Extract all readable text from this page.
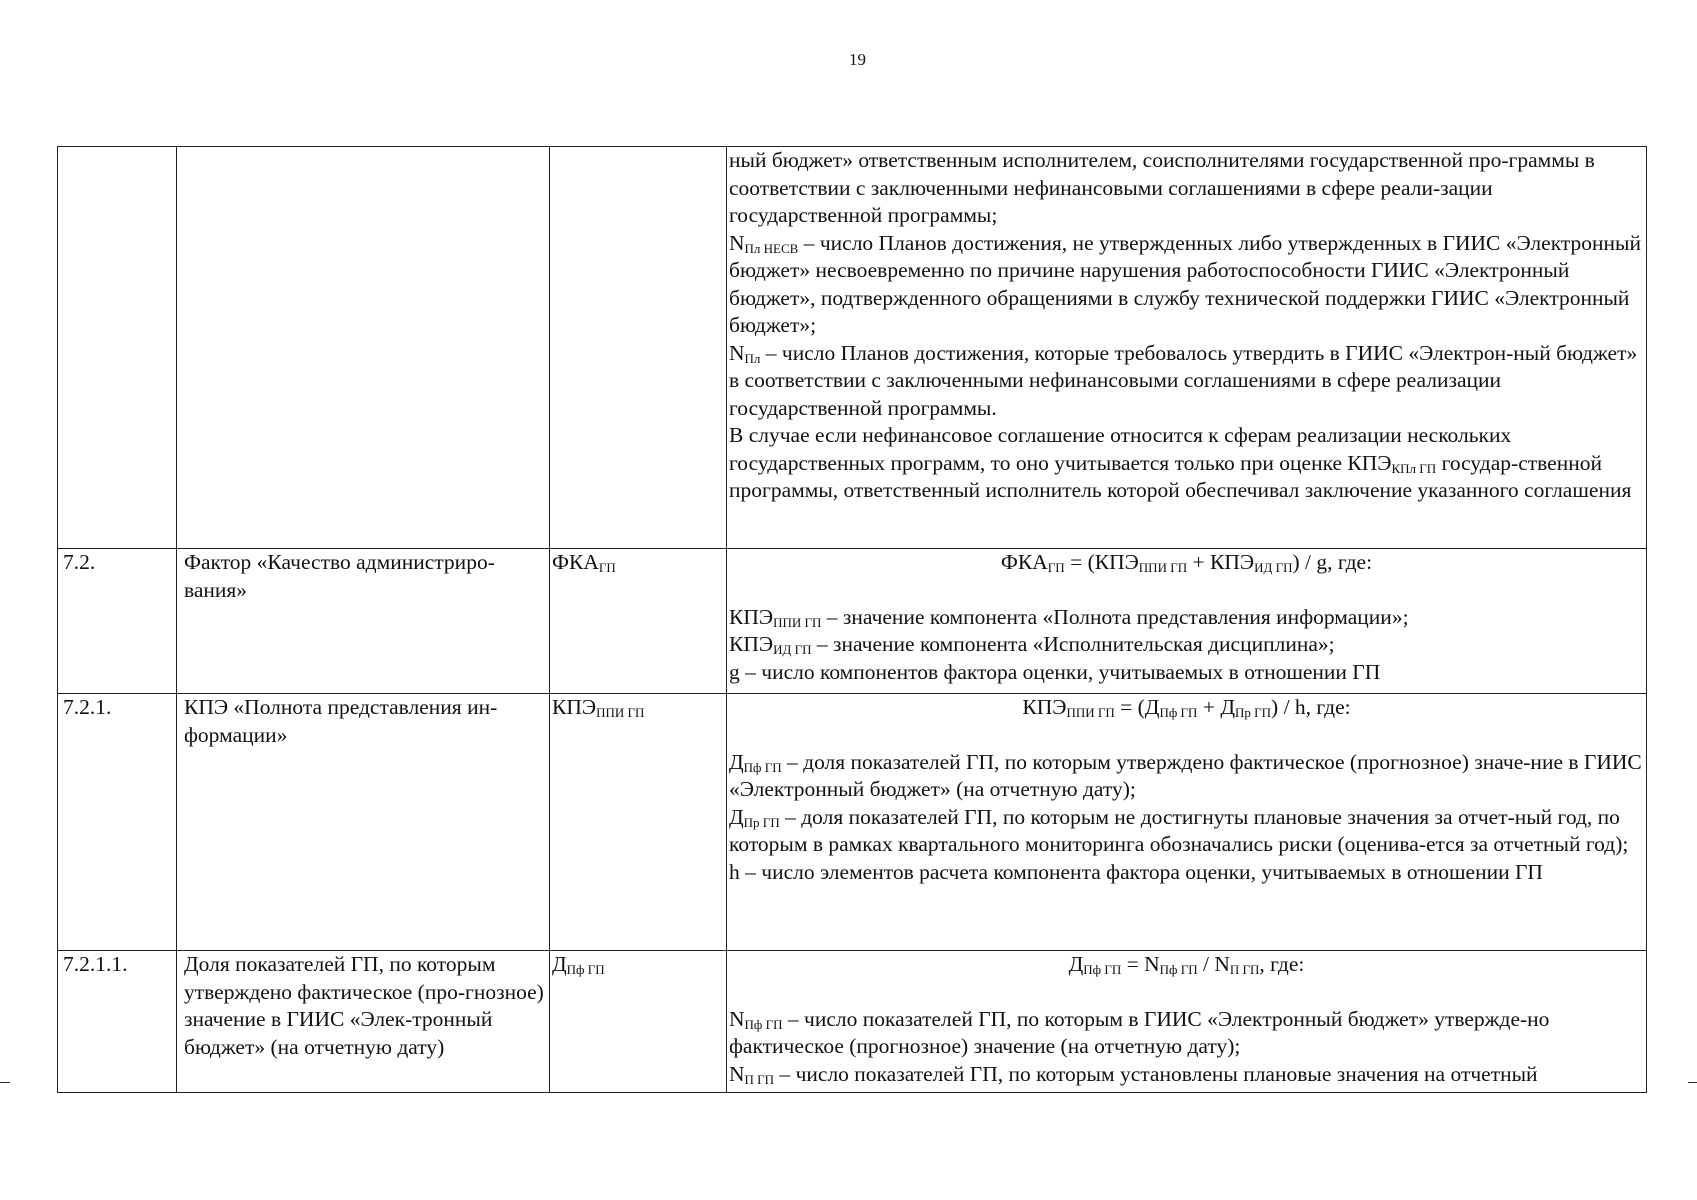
19

			ный бюджет» ответственным исполнителем, соисполнителями государственной про-граммы в соответствии с заключенными нефинансовыми соглашениями в сфере реали-зации государственной программы;
$N_{Пл НЕСВ}$ – число Планов достижения, не утвержденных либо утвержденных в ГИИС «Электронный бюджет» несвоевременно по причине нарушения работоспособности ГИИС «Электронный бюджет», подтвержденного обращениями в службу технической поддержки ГИИС «Электронный бюджет»;
$N_{Пл}$ – число Планов достижения, которые требовалось утвердить в ГИИС «Электрон-ный бюджет» в соответствии с заключенными нефинансовыми соглашениями в сфере реализации государственной программы.
В случае если нефинансовое соглашение относится к сферам реализации нескольких государственных программ, то оно учитывается только при оценке $КПЭ_{КПл ГП}$ государ-ственной программы, ответственный исполнитель которой обеспечивал заключение указанного соглашения

7.2.	Фактор «Качество администриро-вания»	$ФКА_{ГП}$	$ФКА_{ГП} = (КПЭ_{ППИ ГП} + КПЭ_{ИД ГП}) / g$, где:
$КПЭ_{ППИ ГП}$ – значение компонента «Полнота представления информации»;
$КПЭ_{ИД ГП}$ – значение компонента «Исполнительская дисциплина»;
g – число компонентов фактора оценки, учитываемых в отношении ГП

7.2.1.	КПЭ «Полнота представления ин-формации»	$КПЭ_{ППИ ГП}$	$КПЭ_{ППИ ГП} = (Д_{Пф ГП} + Д_{Пр ГП}) / h$, где:
$Д_{Пф ГП}$ – доля показателей ГП, по которым утверждено фактическое (прогнозное) значе-ние в ГИИС «Электронный бюджет» (на отчетную дату);
$Д_{Пр ГП}$ – доля показателей ГП, по которым не достигнуты плановые значения за отчет-ный год, по которым в рамках квартального мониторинга обозначались риски (оценива-ется за отчетный год);
h – число элементов расчета компонента фактора оценки, учитываемых в отношении ГП

7.2.1.1.	Доля показателей ГП, по которым утверждено фактическое (про-гнозное) значение в ГИИС «Элек-тронный бюджет» (на отчетную дату)	$Д_{Пф ГП}$	$Д_{Пф ГП} = N_{Пф ГП} / N_{П ГП}$, где:
$N_{Пф ГП}$ – число показателей ГП, по которым в ГИИС «Электронный бюджет» утвержде-но фактическое (прогнозное) значение (на отчетную дату);
$N_{П ГП}$ – число показателей ГП, по которым установлены плановые значения на отчетный
